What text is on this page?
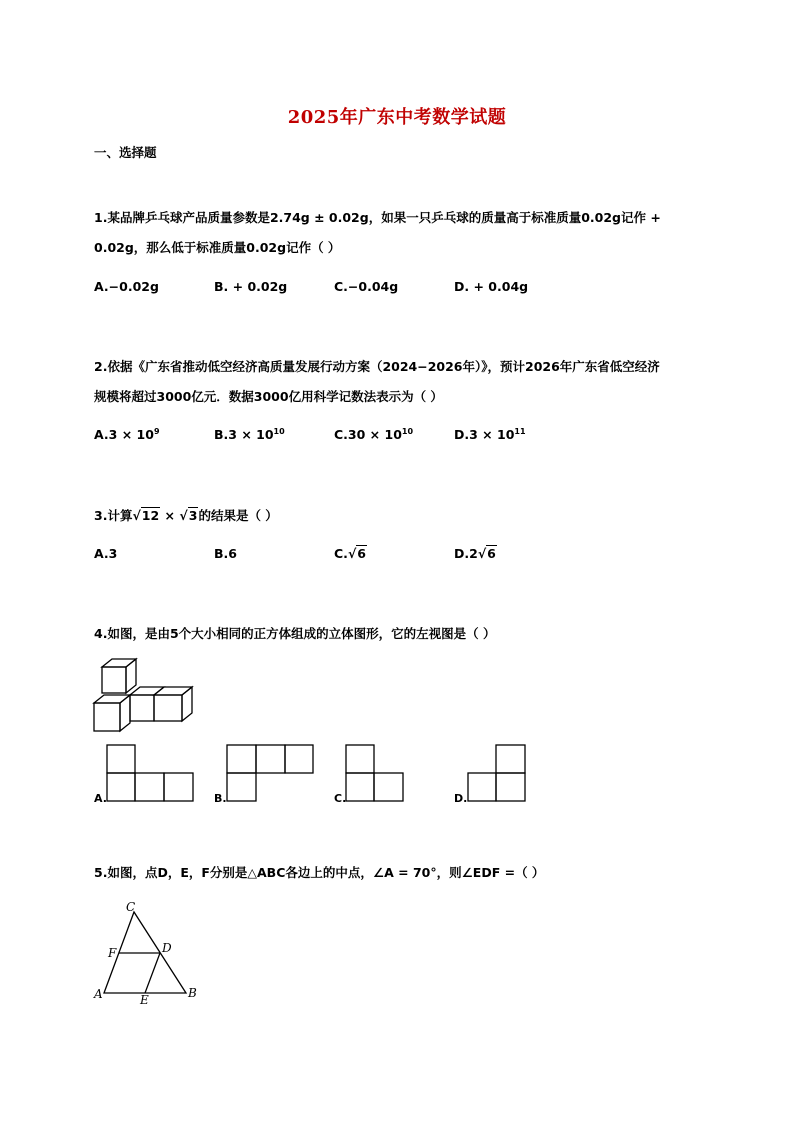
2025年广东中考数学试题
一、选择题
1.某品牌乒乓球产品质量参数是2.74g ± 0.02g，如果一只乒乓球的质量高于标准质量0.02g记作 +
0.02g，那么低于标准质量0.02g记作（ ）
A.−0.02g	B. + 0.02g	C.−0.04g	D. + 0.04g
2.依据《广东省推动低空经济高质量发展行动方案（2024−2026年）》，预计2026年广东省低空经济
规模将超过3000亿元．数据3000亿用科学记数法表示为（ ）
$A.3 \times 10^9$	$B.3 \times 10^{10}$	$C.30 \times 10^{10}$	$D.3 \times 10^{11}$
3.计算√12 × √3的结果是（ ）
A.3	B.6	C.√6	D.2√6
4.如图，是由5个大小相同的正方体组成的立体图形，它的左视图是（ ）
A.	B.	C.	D.
5.如图，点D，E，F分别是△ABC各边上的中点，∠A = 70°，则∠EDF =（ ）
C
F	D
A	B
E
